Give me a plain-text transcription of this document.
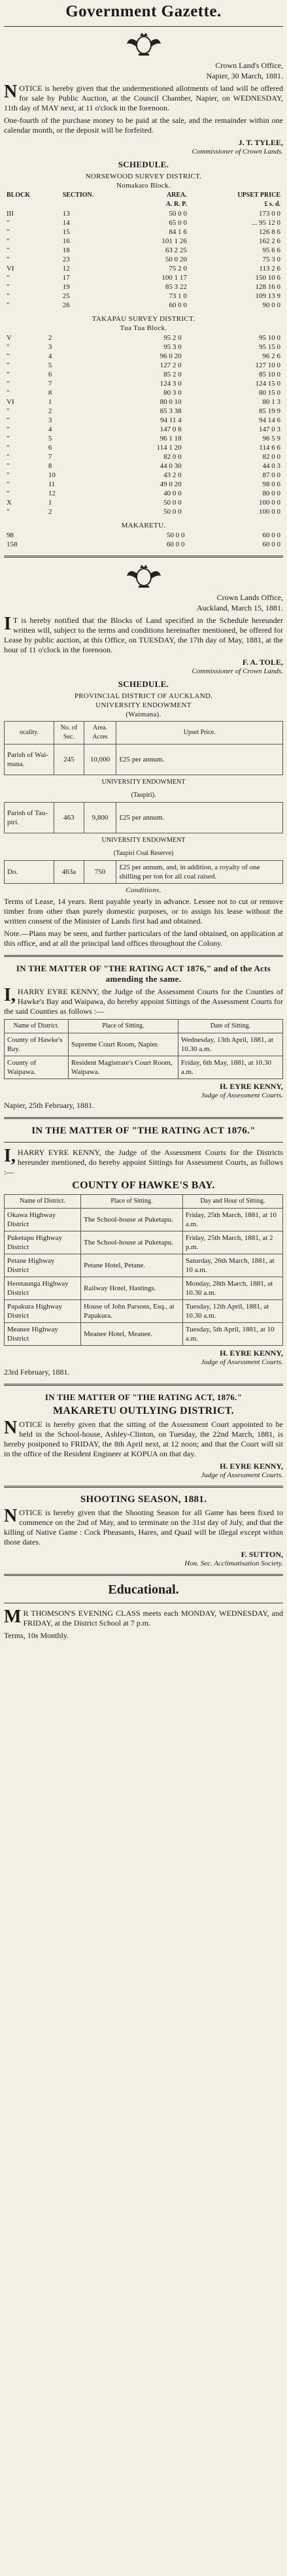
Government Gazette.
Crown Land's Office,
Napier, 30 March, 1881.

NOTICE is hereby given that the undermentioned allotments of land will be offered for sale by Public Auction, at the Council Chamber, Napier, on WEDNESDAY, 11th day of MAY next, at 11 o'clock in the forenoon.

One-fourth of the purchase money to be paid at the sale, and the remainder within one calendar month, or the deposit will be forfeited.

J. T. TYLEE,
Commissioner of Crown Lands.
SCHEDULE.
NORSEWOOD SURVEY DISTRICT.
Nomakaro Block.
BLOCK	SECTION.	AREA.	UPSET PRICE
		A. R. P.	£ s. d.
III	13	50 0 0	173 0 0
"	14	65 0 0	... 95 12 0
"	15	84 1 6	126 8 6
"	16	101 1 26	162 2 6
"	18	63 2 25	95 6 6
"	23	50 0 20	75 3 0
VI	12	75 2 0	113 2 6
"	17	100 1 17	150 10 6
"	19	85 3 22	128 16 0
"	25	73 1 0	109 13 9
"	26	60 0 0	90 0 0
TAKAPAU SURVEY DISTRICT.
Tua Tua Block.
V	2	95 2 0	95 10 0
"	3	95 3 0	95 15 0
"	4	96 0 20	96 2 6
"	5	127 2 0	127 10 0
"	6	85 2 0	85 10 0
"	7	124 3 0	124 15 0
"	8	80 3 0	80 15 0
VI	1	80 0 10	80 1 3
"	2	85 3 38	85 19 9
"	3	94 11 4	94 14 6
"	4	147 0 8	147 0 3
"	5	96 1 18	96 5 9
"	6	114 1 20	114 6 6
"	7	82 0 0	82 0 0
"	8	44 0 30	44 0 3
"	10	43 2 0	87 0 0
"	11	49 0 20	98 0 6
"	12	40 0 0	80 0 0
X	1	50 0 0	100 0 0
"	2	50 0 0	100 0 0
MAKARETU.
98		50 0 0	60 0 0
158		60 0 0	60 0 0
Crown Lands Office,
Auckland, March 15, 1881.

IT is hereby notified that the Blocks of Land specified in the Schedule hereunder written will, subject to the terms and conditions hereinafter mentioned, be offered for Lease by public auction, at this Office, on TUESDAY, the 17th day of May, 1881, at the hour of 11 o'clock in the forenoon.

F. A. TOLE,
Commissioner of Crown Lands.
SCHEDULE.
PROVINCIAL DISTRICT OF AUCKLAND.
UNIVERSITY ENDOWMENT
(Waimana).
ocality.	No. of Sec.	Area. Acres	Upset Price.
Parish of Wai-mana.	245	10,000	£25 per annum.
UNIVERSITY ENDOWMENT			
(Taupiri).			
Parish of Tau-piri.	463	9,800	£25 per annum.
UNIVERSITY ENDOWMENT			
(Taupiri Coal Reserve)			
Do.	463a	750	£25 per annum, and, in addition, a royalty of one shilling per ton for all coal raised.
Conditions.

Terms of Lease, 14 years. Rent payable yearly in advance. Lessee not to cut or remove timber from other than purely domestic purposes, or to assign his lease without the written consent of the Minister of Lands first had and obtained.

Note.—Plans may be seen, and further particulars of the land obtained, on application at this office, and at all the principal land offices throughout the Colony.

IN THE MATTER OF "THE RATING ACT 1876," and of the Acts amending the same.

I,HARRY EYRE KENNY, the Judge of the Assessment Courts for the Counties of Hawke's Bay and Waipawa, do hereby appoint Sittings of the Assessment Courts for the said Counties as follows :—

Name of District.	Place of Sitting.	Date of Sitting.
County of Hawke's Bay.	Supreme Court Room, Napier.	Wednesday, 13th April, 1881, at 10.30 a.m.
County of Waipawa.	Resident Magistrate's Court Room, Waipawa.	Friday, 6th May, 1881, at 10.30 a.m.
H. EYRE KENNY,
Judge of Assessment Courts.
Napier, 25th February, 1881.
IN THE MATTER OF "THE RATING ACT 1876."

I,HARRY EYRE KENNY, the Judge of the Assessment Courts for the Districts hereunder mentioned, do hereby appoint Sittings for Assessment Courts, as follows :—

COUNTY OF HAWKE'S BAY.
Name of District.	Place of Sitting.	Day and Hour of Sitting.
Okawa Highway District	The School-house at Puketapu.	Friday, 25th March, 1881, at 10 a.m.
Puketapu Highway District	The School-house at Puketapu.	Friday, 25th March, 1881, at 2 p.m.
Petane Highway District	Petane Hotel, Petane.	Saturday, 26th March, 1881, at 10 a.m.
Heretaunga Highway District	Railway Hotel, Hastings.	Monday, 28th March, 1881, at 10.30 a.m.
Papakura Highway District	House of John Parsons, Esq., at Papakura.	Tuesday, 12th April, 1881, at 10.30 a.m.
Meanee Highway District	Meanee Hotel, Meanee.	Tuesday, 5th April, 1881, at 10 a.m.
H. EYRE KENNY,
Judge of Assessment Courts.
23rd February, 1881.
IN THE MATTER OF "THE RATING ACT, 1876."
MAKARETU OUTLYING DISTRICT.

NOTICE is hereby given that the sitting of the Assessment Court appointed to be held in the School-house, Ashley-Clinton, on Tuesday, the 22nd March, 1881, is hereby postponed to FRIDAY, the 8th April next, at 12 noon; and that the Court will sit in the office of the Resident Engineer at KOPUA on that day.

H. EYRE KENNY,
Judge of Assessment Courts.
SHOOTING SEASON, 1881.

NOTICE is hereby given that the Shooting Season for all Game has been fixed to commence on the 2nd of May, and to terminate on the 31st day of July, and that the killing of Native Game : Cock Pheasants, Hares, and Quail will be illegal except within those dates.

F. SUTTON,
Hon. Sec. Acclimatisation Society.
Educational.

MR THOMSON'S EVENING CLASS meets each MONDAY, WEDNESDAY, and FRIDAY, at the District School at 7 p.m.

Terms, 10s Monthly.
